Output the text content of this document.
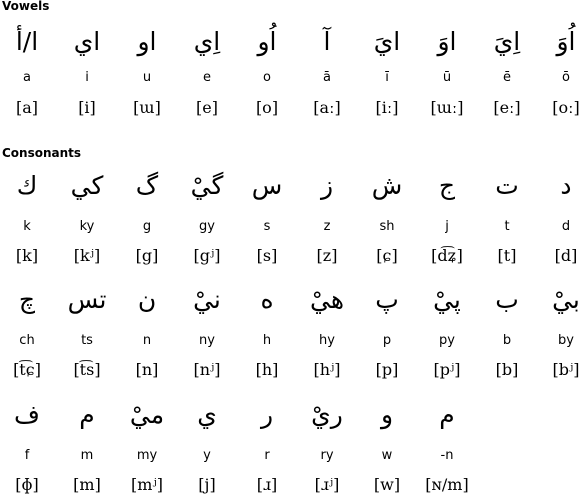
Vowels
Consonants
ا/أ
a
[a]
اي
i
[i]
او
u
[ɯ]
اِي
e
[e]
اُو
o
[o]
آ
ā
[aː]
ايَ
ī
[iː]
اوَ
ū
[ɯː]
اِيَ
ē
[eː]
اُوَ
ō
[oː]
ك
k
[k]
كي
ky
[kʲ]
گ
g
[g]
گيْ
gy
[gʲ]
س
s
[s]
ز
z
[z]
ش
sh
[ɕ]
ج
j
[d͡ʑ]
ت
t
[t]
د
d
[d]
چ
ch
[t͡ɕ]
تس
ts
[t͡s]
ن
n
[n]
نيْ
ny
[nʲ]
ه
h
[h]
هيْ
hy
[hʲ]
پ
p
[p]
پيْ
py
[pʲ]
ب
b
[b]
بيْ
by
[bʲ]
ف
f
[ɸ]
م
m
[m]
ميْ
my
[mʲ]
ي
y
[j]
ر
r
[ɹ]
ريْ
ry
[ɹʲ]
و
w
[w]
م
-n
[ɴ/m]
